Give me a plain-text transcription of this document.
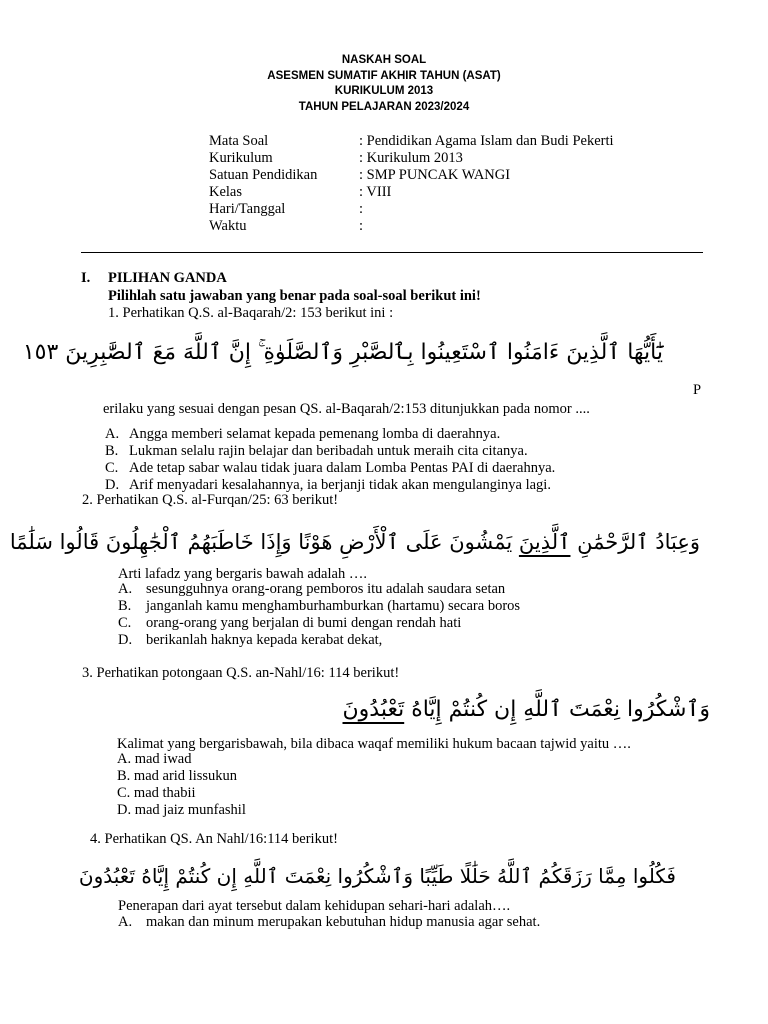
NASKAH SOAL
ASESMEN SUMATIF AKHIR TAHUN (ASAT)
KURIKULUM 2013
TAHUN PELAJARAN 2023/2024
Mata Soal	: Pendidikan Agama Islam dan Budi Pekerti
Kurikulum	: Kurikulum 2013
Satuan Pendidikan	: SMP PUNCAK WANGI
Kelas	: VIII
Hari/Tanggal	:
Waktu	:
I. PILIHAN GANDA
Pilihlah satu jawaban yang benar pada soal-soal berikut ini!
1. Perhatikan Q.S. al-Baqarah/2: 153 berikut ini :
يَٰٓأَيُّهَا ٱلَّذِينَ ءَامَنُوا ٱسْتَعِينُوا بِٱلصَّبْرِ وَٱلصَّلَوٰةِ ۚ إِنَّ ٱللَّهَ مَعَ ٱلصَّٰبِرِينَ ١٥٣
P
erilaku yang sesuai dengan pesan QS. al-Baqarah/2:153 ditunjukkan pada nomor ....
A. Angga memberi selamat kepada pemenang lomba di daerahnya.
B. Lukman selalu rajin belajar dan beribadah untuk meraih cita citanya.
C. Ade tetap sabar walau tidak juara dalam Lomba Pentas PAI di daerahnya.
D. Arif menyadari kesalahannya, ia berjanji tidak akan mengulanginya lagi.
2. Perhatikan Q.S. al-Furqan/25: 63 berikut!
وَعِبَادُ ٱلرَّحْمَٰنِ ٱلَّذِينَ يَمْشُونَ عَلَى ٱلْأَرْضِ هَوْنًا وَإِذَا خَاطَبَهُمُ ٱلْجَٰهِلُونَ قَالُوا سَلَٰمًا
Arti lafadz yang bergaris bawah adalah ….
A. sesungguhnya orang-orang pemboros itu adalah saudara setan
B.	janganlah kamu menghamburhamburkan (hartamu) secara boros
C.	orang-orang yang berjalan di bumi dengan rendah hati
D. berikanlah haknya kepada kerabat dekat,
3. Perhatikan potongaan Q.S. an-Nahl/16: 114 berikut!
وَٱشْكُرُوا نِعْمَتَ ٱللَّهِ إِن كُنتُمْ إِيَّاهُ تَعْبُدُونَ
Kalimat yang bergarisbawah, bila dibaca waqaf memiliki hukum bacaan tajwid yaitu ….
A. mad iwad
B. mad arid lissukun
C. mad thabii
D. mad jaiz munfashil
4. Perhatikan QS. An Nahl/16:114 berikut!
فَكُلُوا مِمَّا رَزَقَكُمُ ٱللَّهُ حَلَٰلًا طَيِّبًا وَٱشْكُرُوا نِعْمَتَ ٱللَّهِ إِن كُنتُمْ إِيَّاهُ تَعْبُدُونَ
Penerapan dari ayat tersebut dalam kehidupan sehari-hari adalah….
A. makan dan minum merupakan kebutuhan hidup manusia agar sehat.
